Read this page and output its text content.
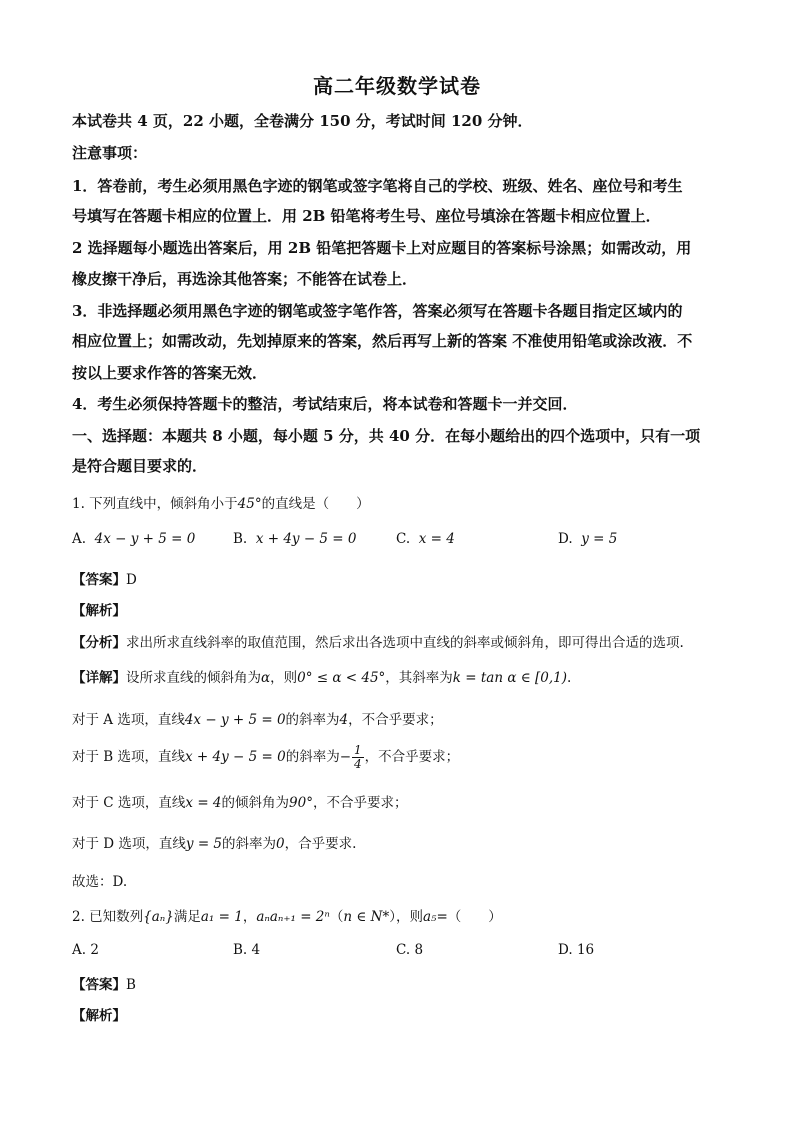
高二年级数学试卷
本试卷共 4 页，22 小题，全卷满分 150 分，考试时间 120 分钟．
注意事项：
1．答卷前，考生必须用黑色字迹的钢笔或签字笔将自己的学校、班级、姓名、座位号和考生
号填写在答题卡相应的位置上．用 2B 铅笔将考生号、座位号填涂在答题卡相应位置上．
2 选择题每小题选出答案后，用 2B 铅笔把答题卡上对应题目的答案标号涂黑；如需改动，用
橡皮擦干净后，再选涂其他答案；不能答在试卷上．
3．非选择题必须用黑色字迹的钢笔或签字笔作答，答案必须写在答题卡各题目指定区域内的
相应位置上；如需改动，先划掉原来的答案，然后再写上新的答案 不准使用铅笔或涂改液．不
按以上要求作答的答案无效．
4．考生必须保持答题卡的整洁，考试结束后，将本试卷和答题卡一并交回．
一、选择题：本题共 8 小题，每小题 5 分，共 40 分．在每小题给出的四个选项中，只有一项
是符合题目要求的．
1. 下列直线中，倾斜角小于45°的直线是（　　）
A. 4x − y + 5 = 0	B. x + 4y − 5 = 0	C. x = 4	D. y = 5
【答案】D
【解析】
【分析】求出所求直线斜率的取值范围，然后求出各选项中直线的斜率或倾斜角，即可得出合适的选项.
【详解】设所求直线的倾斜角为α，则0° ≤ α < 45°，其斜率为k = tan α ∈ [0,1).
对于 A 选项，直线4x − y + 5 = 0的斜率为4，不合乎要求；
对于 B 选项，直线x + 4y − 5 = 0的斜率为− $\frac{1}{4}$ ，不合乎要求；
对于 C 选项，直线x = 4的倾斜角为90°，不合乎要求；
对于 D 选项，直线y = 5的斜率为0，合乎要求.
故选：D.
2. 已知数列{aₙ}满足a₁ = 1，aₙaₙ₊₁ = 2ⁿ（n ∈ N*），则a₅=（　　）
A. 2	B. 4	C. 8	D. 16
【答案】B
【解析】
